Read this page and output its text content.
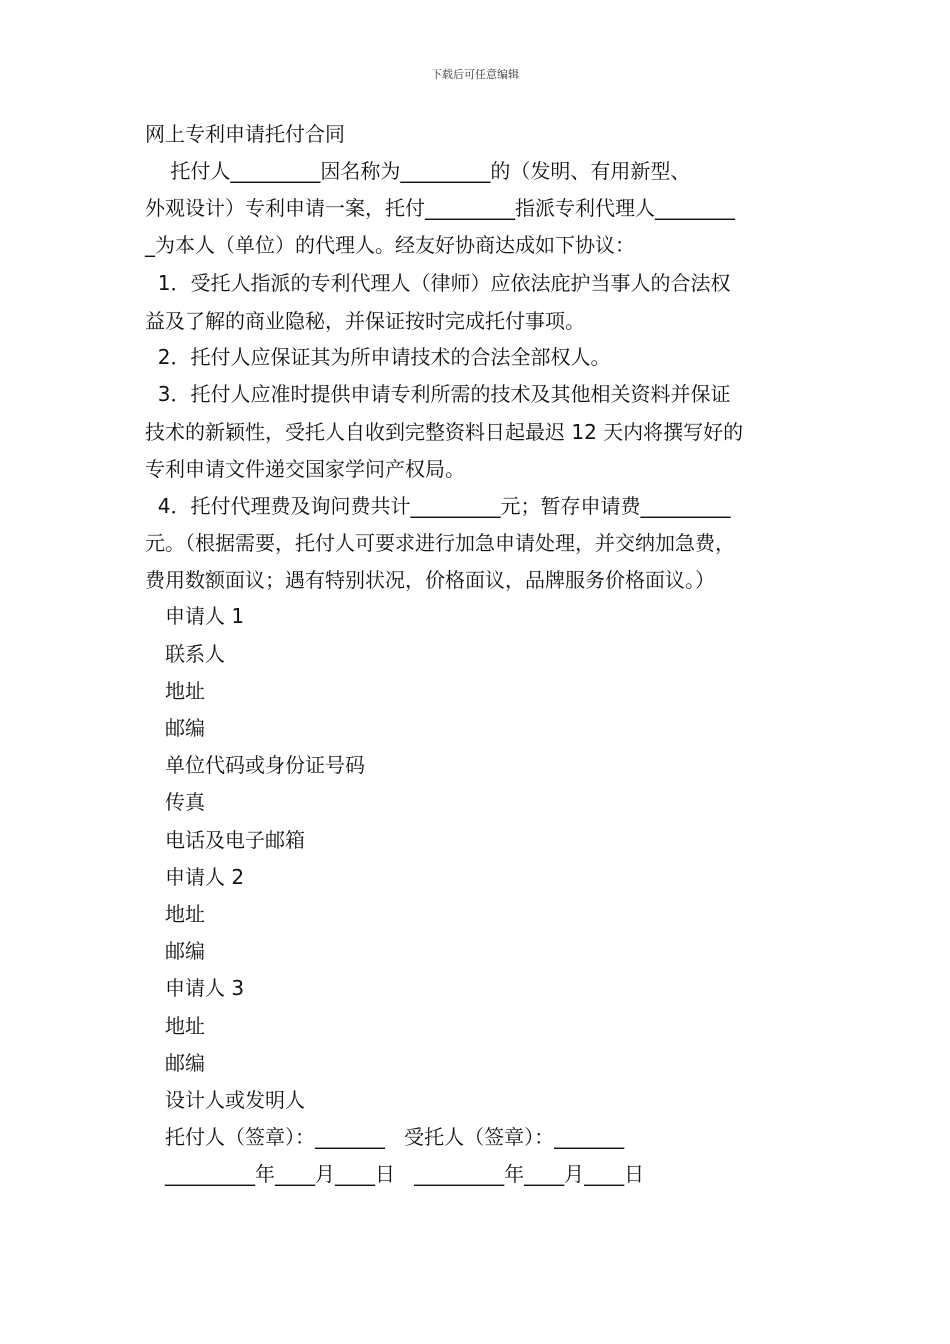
下载后可任意编辑
网上专利申请托付合同
托付人_________因名称为_________的（发明、有用新型、
外观设计）专利申请一案，托付_________指派专利代理人________
_为本人（单位）的代理人。经友好协商达成如下协议：
1．受托人指派的专利代理人（律师）应依法庇护当事人的合法权
益及了解的商业隐秘，并保证按时完成托付事项。
2．托付人应保证其为所申请技术的合法全部权人。
3．托付人应准时提供申请专利所需的技术及其他相关资料并保证
技术的新颖性，受托人自收到完整资料日起最迟 12 天内将撰写好的
专利申请文件递交国家学问产权局。
4．托付代理费及询问费共计_________元；暂存申请费_________
元。（根据需要，托付人可要求进行加急申请处理，并交纳加急费，
费用数额面议；遇有特别状况，价格面议，品牌服务价格面议。）
申请人 1
联系人
地址
邮编
单位代码或身份证号码
传真
电话及电子邮箱
申请人 2
地址
邮编
申请人 3
地址
邮编
设计人或发明人
托付人（签章）：_______   受托人（签章）：_______
_________年____月____日   _________年____月____日
